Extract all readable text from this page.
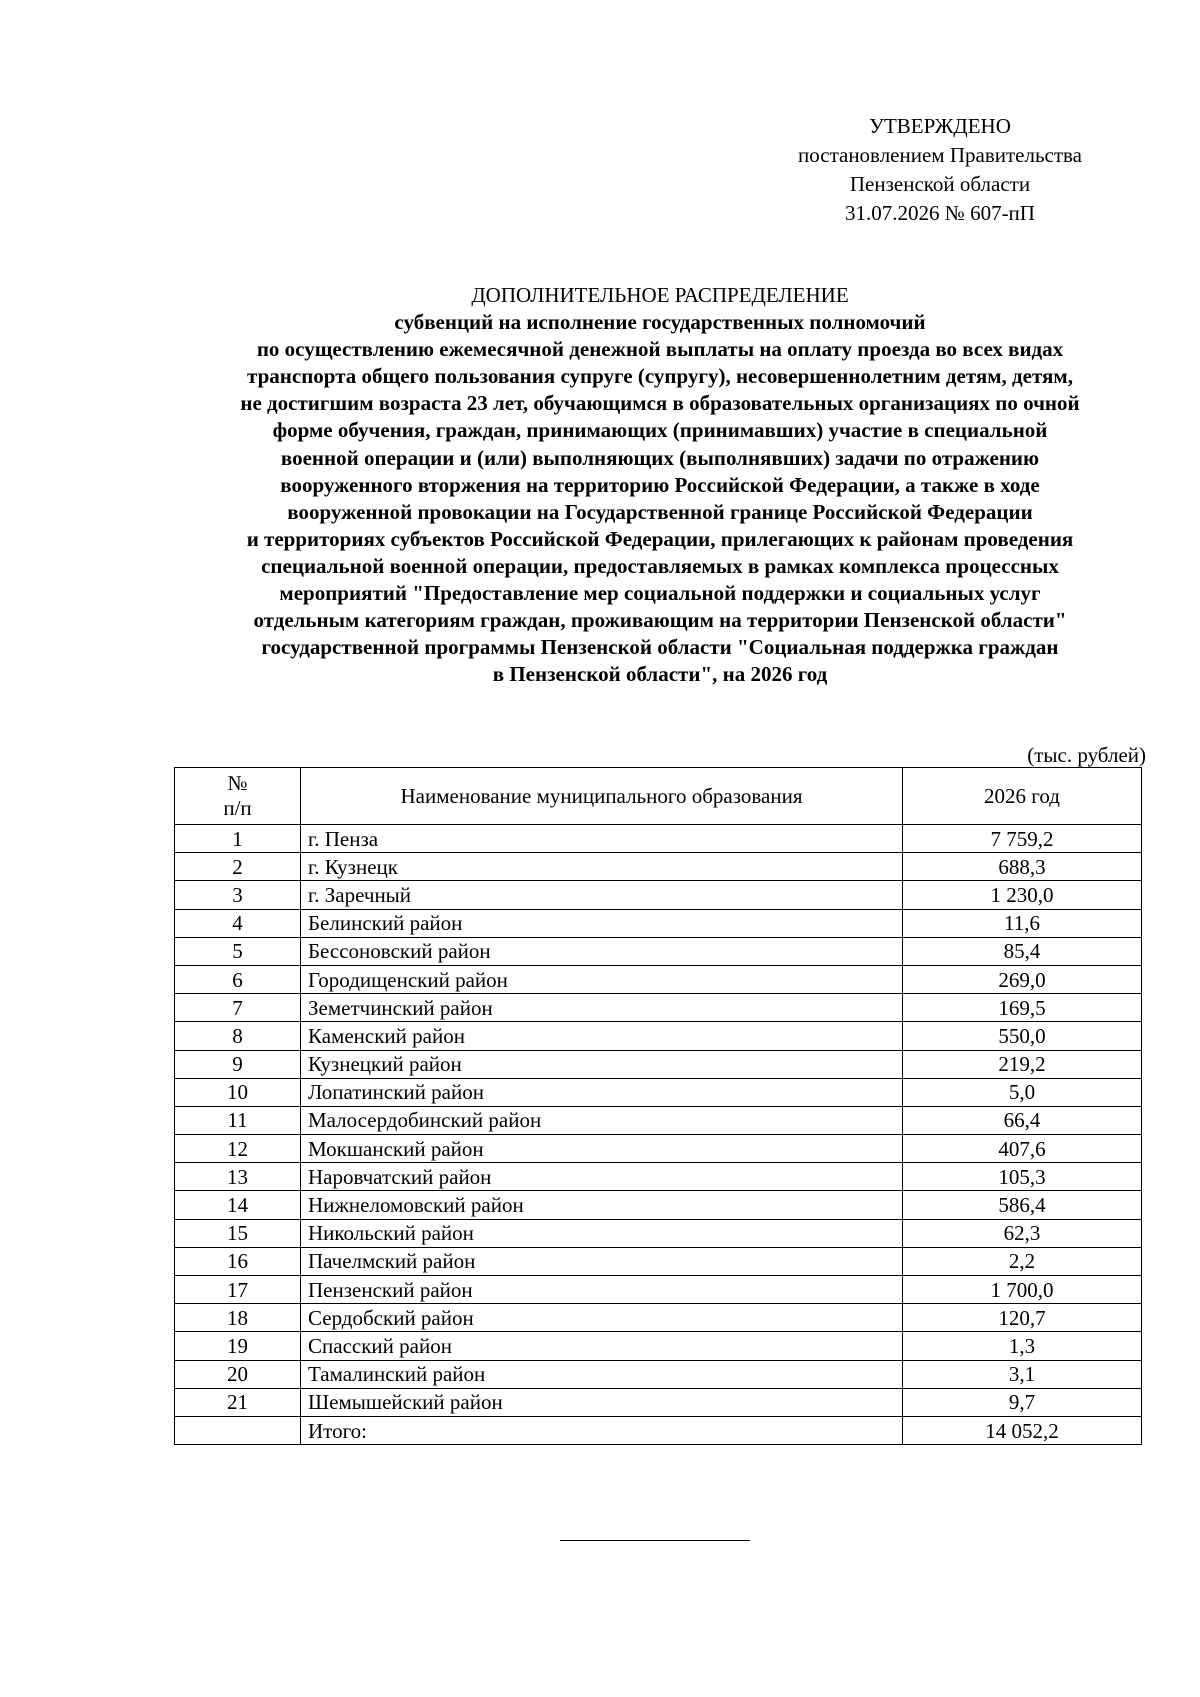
УТВЕРЖДЕНО
постановлением Правительства
Пензенской области
31.07.2026 № 607-пП
ДОПОЛНИТЕЛЬНОЕ РАСПРЕДЕЛЕНИЕ
субвенций на исполнение государственных полномочий
по осуществлению ежемесячной денежной выплаты на оплату проезда во всех видах
транспорта общего пользования супруге (супругу), несовершеннолетним детям, детям,
не достигшим возраста 23 лет, обучающимся в образовательных организациях по очной
форме обучения, граждан, принимающих (принимавших) участие в специальной
военной операции и (или) выполняющих (выполнявших) задачи по отражению
вооруженного вторжения на территорию Российской Федерации, а также в ходе
вооруженной провокации на Государственной границе Российской Федерации
и территориях субъектов Российской Федерации, прилегающих к районам проведения
специальной военной операции, предоставляемых в рамках комплекса процессных
мероприятий "Предоставление мер социальной поддержки и социальных услуг
отдельным категориям граждан, проживающим на территории Пензенской области"
государственной программы Пензенской области "Социальная поддержка граждан
в Пензенской области", на 2026 год
(тыс. рублей)
№
п/п	Наименование муниципального образования	2026 год
1	г. Пенза	7 759,2
2	г. Кузнецк	688,3
3	г. Заречный	1 230,0
4	Белинский район	11,6
5	Бессоновский район	85,4
6	Городищенский район	269,0
7	Земетчинский район	169,5
8	Каменский район	550,0
9	Кузнецкий район	219,2
10	Лопатинский район	5,0
11	Малосердобинский район	66,4
12	Мокшанский район	407,6
13	Наровчатский район	105,3
14	Нижнеломовский район	586,4
15	Никольский район	62,3
16	Пачелмский район	2,2
17	Пензенский район	1 700,0
18	Сердобский район	120,7
19	Спасский район	1,3
20	Тамалинский район	3,1
21	Шемышейский район	9,7
	Итого:	14 052,2
